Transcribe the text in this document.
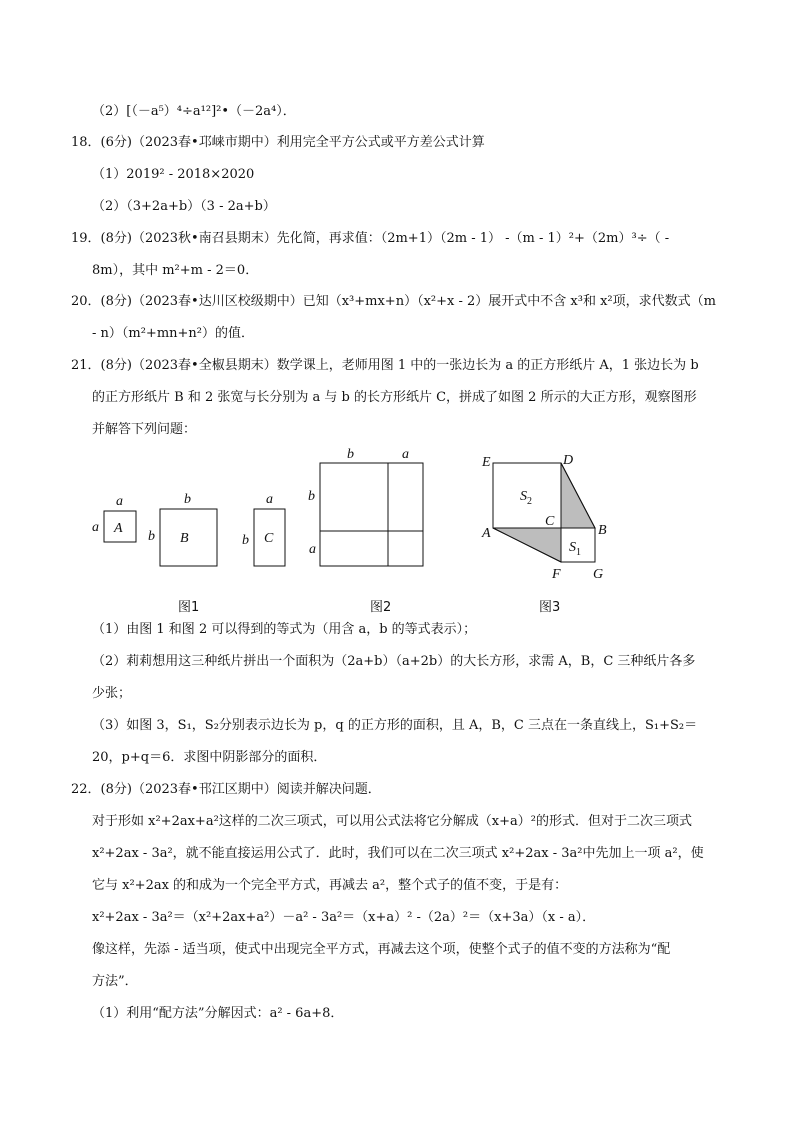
（2）[（－a⁵）⁴÷a¹²]²•（－2a⁴）．
18．(6分)（2023春•邛崃市期中）利用完全平方公式或平方差公式计算
（1）2019² - 2018×2020
（2）（3+2a+b）（3 - 2a+b）
19．(8分)（2023秋•南召县期末）先化简，再求值：（2m+1）（2m - 1） -（m - 1）²+（2m）³÷（ -
8m），其中 m²+m - 2＝0．
20．(8分)（2023春•达川区校级期中）已知（x³+mx+n）（x²+x - 2）展开式中不含 x³和 x²项，求代数式（m
- n）（m²+mn+n²）的值．
21．(8分)（2023春•全椒县期末）数学课上，老师用图 1 中的一张边长为 a 的正方形纸片 A，1 张边长为 b
的正方形纸片 B 和 2 张宽与长分别为 a 与 b 的长方形纸片 C，拼成了如图 2 所示的大正方形，观察图形
并解答下列问题：
A
a
a
B
b
b	C
a
b
b	a
b
a
E	D
$S_2$
C
A	B
$S_1$
F G
图1	图2	图3
（1）由图 1 和图 2 可以得到的等式为（用含 a，b 的等式表示）；
（2）莉莉想用这三种纸片拼出一个面积为（2a+b）（a+2b）的大长方形，求需 A，B，C 三种纸片各多
少张；
（3）如图 3，S₁，S₂分别表示边长为 p，q 的正方形的面积，且 A，B，C 三点在一条直线上，S₁+S₂＝
20，p+q＝6．求图中阴影部分的面积．
22．(8分)（2023春•邗江区期中）阅读并解决问题．
对于形如 x²+2ax+a²这样的二次三项式，可以用公式法将它分解成（x+a）²的形式．但对于二次三项式
x²+2ax - 3a²，就不能直接运用公式了．此时，我们可以在二次三项式 x²+2ax - 3a²中先加上一项 a²，使
它与 x²+2ax 的和成为一个完全平方式，再减去 a²，整个式子的值不变，于是有：
x²+2ax - 3a²＝（x²+2ax+a²）－a² - 3a²＝（x+a）² -（2a）²＝（x+3a）（x - a）．
像这样，先添 - 适当项，使式中出现完全平方式，再减去这个项，使整个式子的值不变的方法称为“配
方法”．
（1）利用“配方法”分解因式：a² - 6a+8．
